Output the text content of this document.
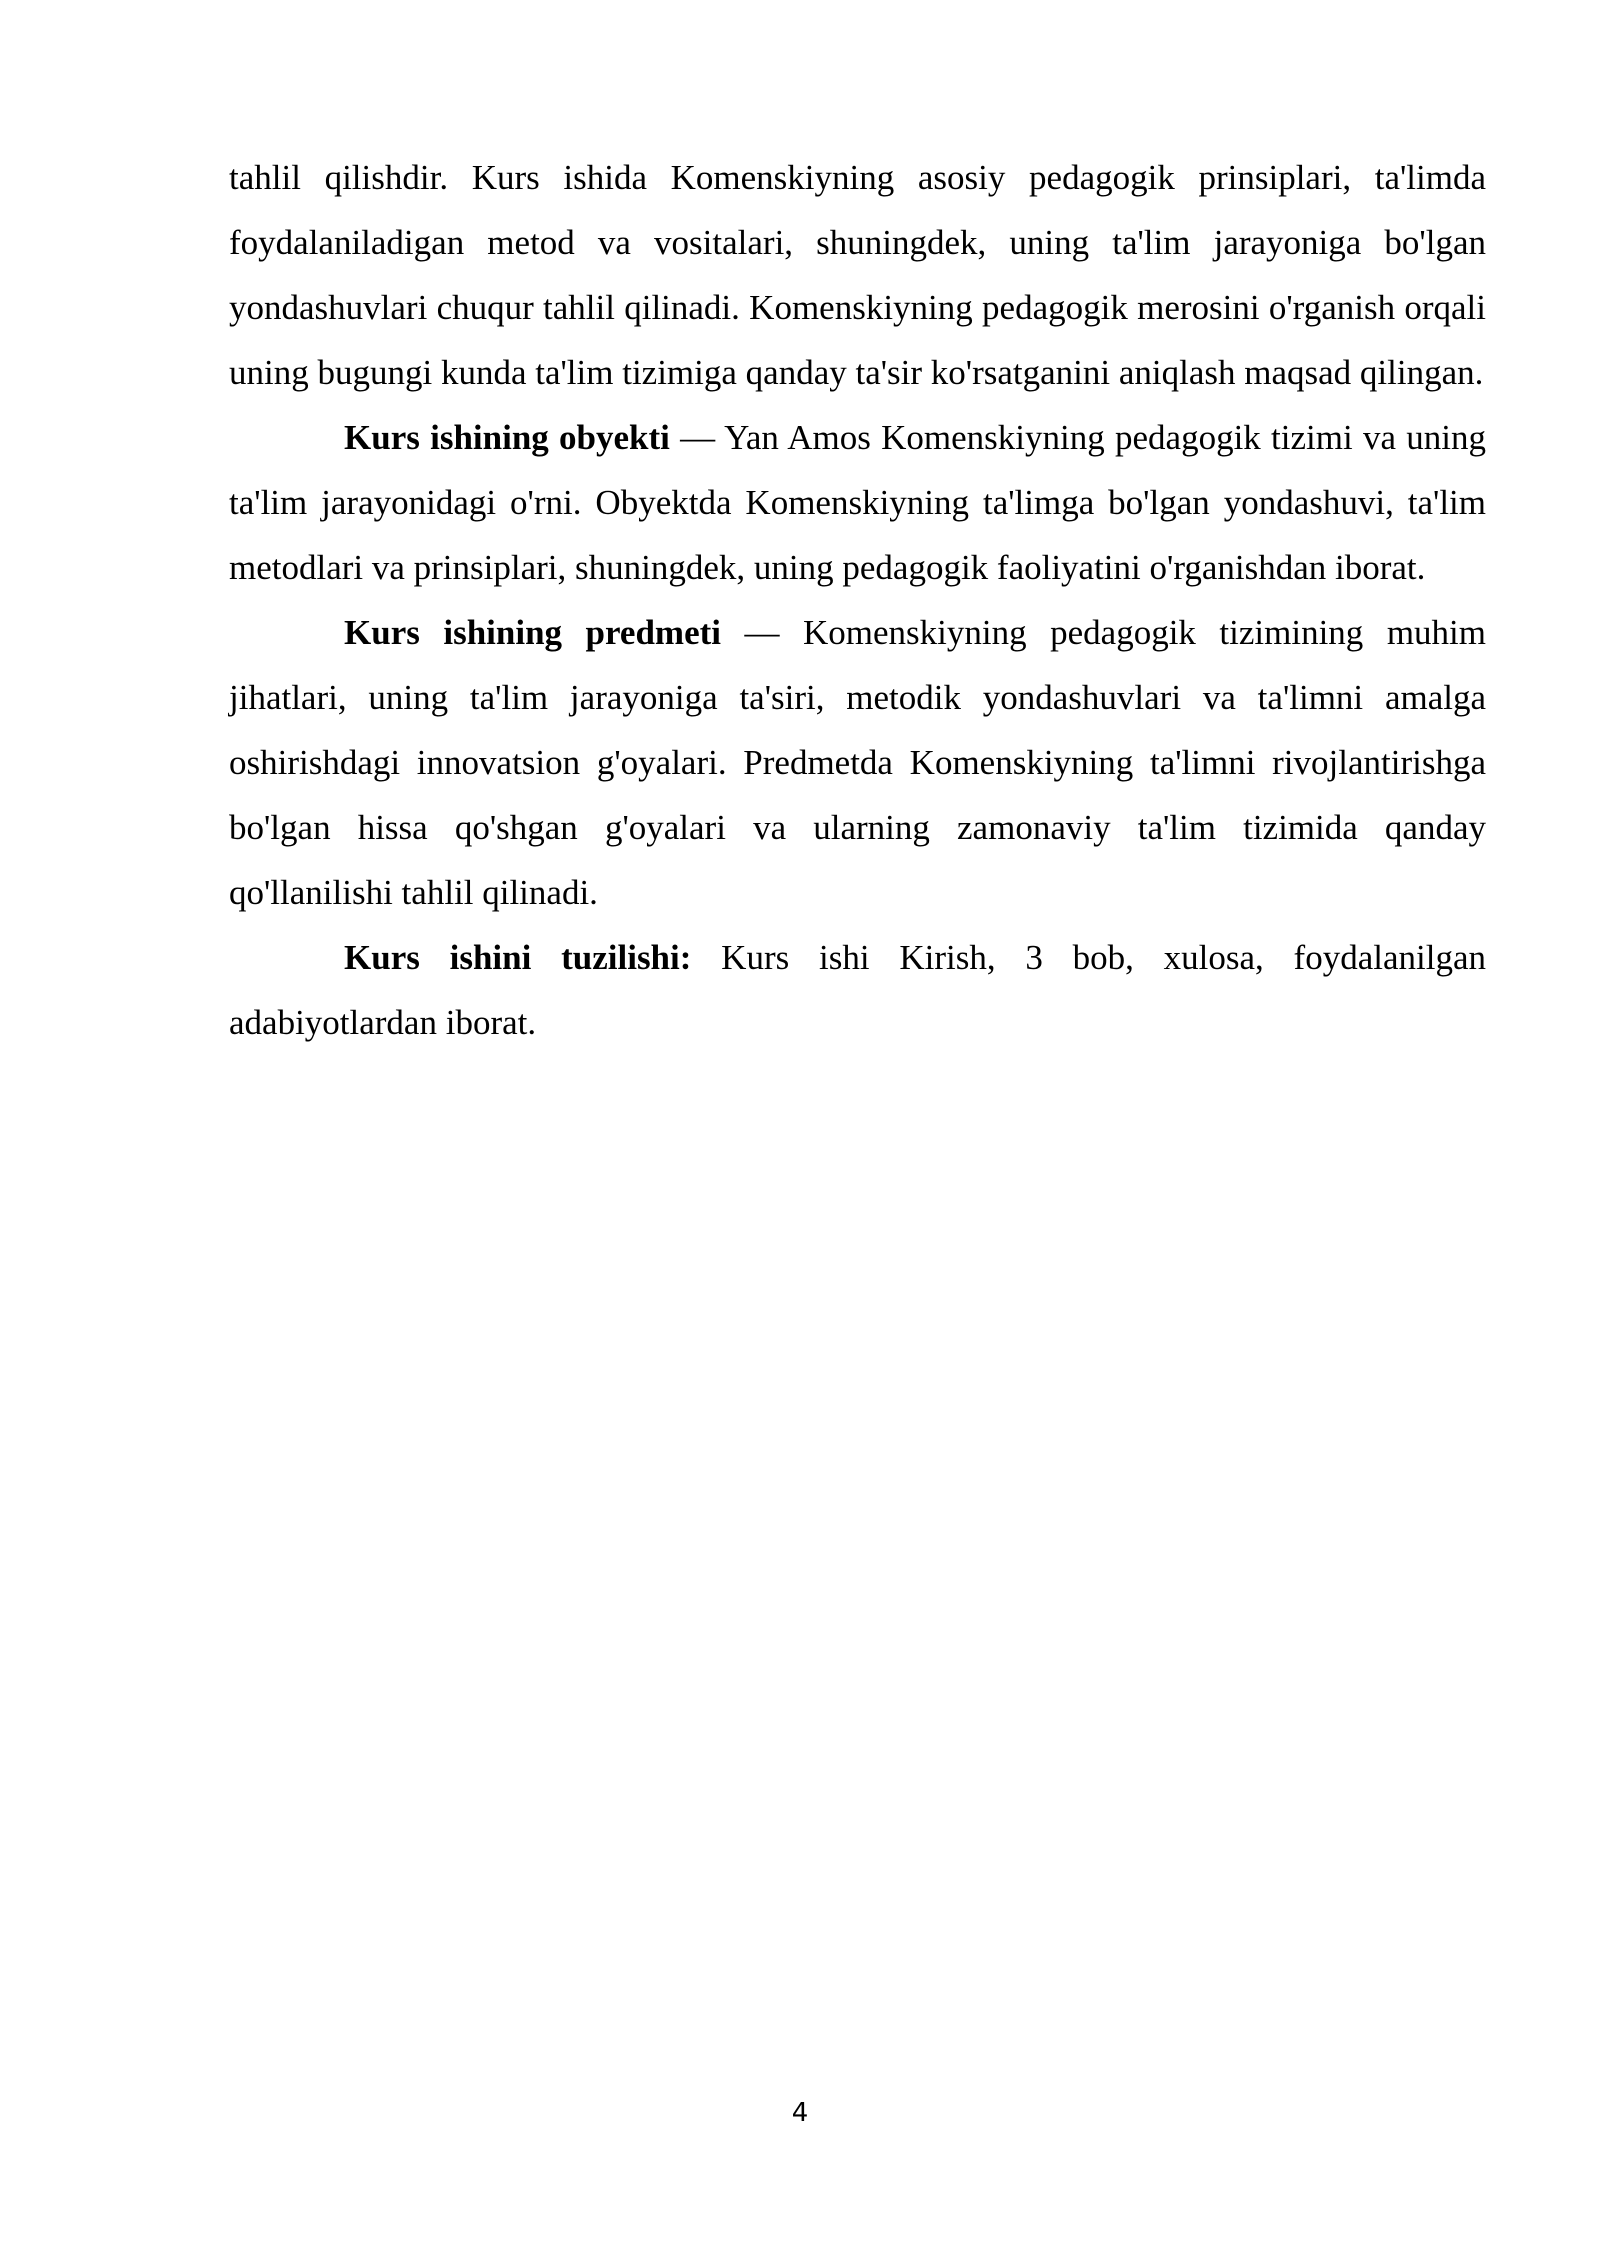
tahlil qilishdir. Kurs ishida Komenskiyning asosiy pedagogik prinsiplari, ta'limda foydalaniladigan metod va vositalari, shuningdek, uning ta'lim jarayoniga bo'lgan yondashuvlari chuqur tahlil qilinadi. Komenskiyning pedagogik merosini o'rganish orqali uning bugungi kunda ta'lim tizimiga qanday ta'sir ko'rsatganini aniqlash maqsad qilingan.

Kurs ishining obyekti — Yan Amos Komenskiyning pedagogik tizimi va uning ta'lim jarayonidagi o'rni. Obyektda Komenskiyning ta'limga bo'lgan yondashuvi, ta'lim metodlari va prinsiplari, shuningdek, uning pedagogik faoliyatini o'rganishdan iborat.

Kurs ishining predmeti — Komenskiyning pedagogik tizimining muhim jihatlari, uning ta'lim jarayoniga ta'siri, metodik yondashuvlari va ta'limni amalga oshirishdagi innovatsion g'oyalari. Predmetda Komenskiyning ta'limni rivojlantirishga bo'lgan hissa qo'shgan g'oyalari va ularning zamonaviy ta'lim tizimida qanday qo'llanilishi tahlil qilinadi.

Kurs ishini tuzilishi: Kurs ishi Kirish, 3 bob, xulosa, foydalanilgan adabiyotlardan iborat.

4
